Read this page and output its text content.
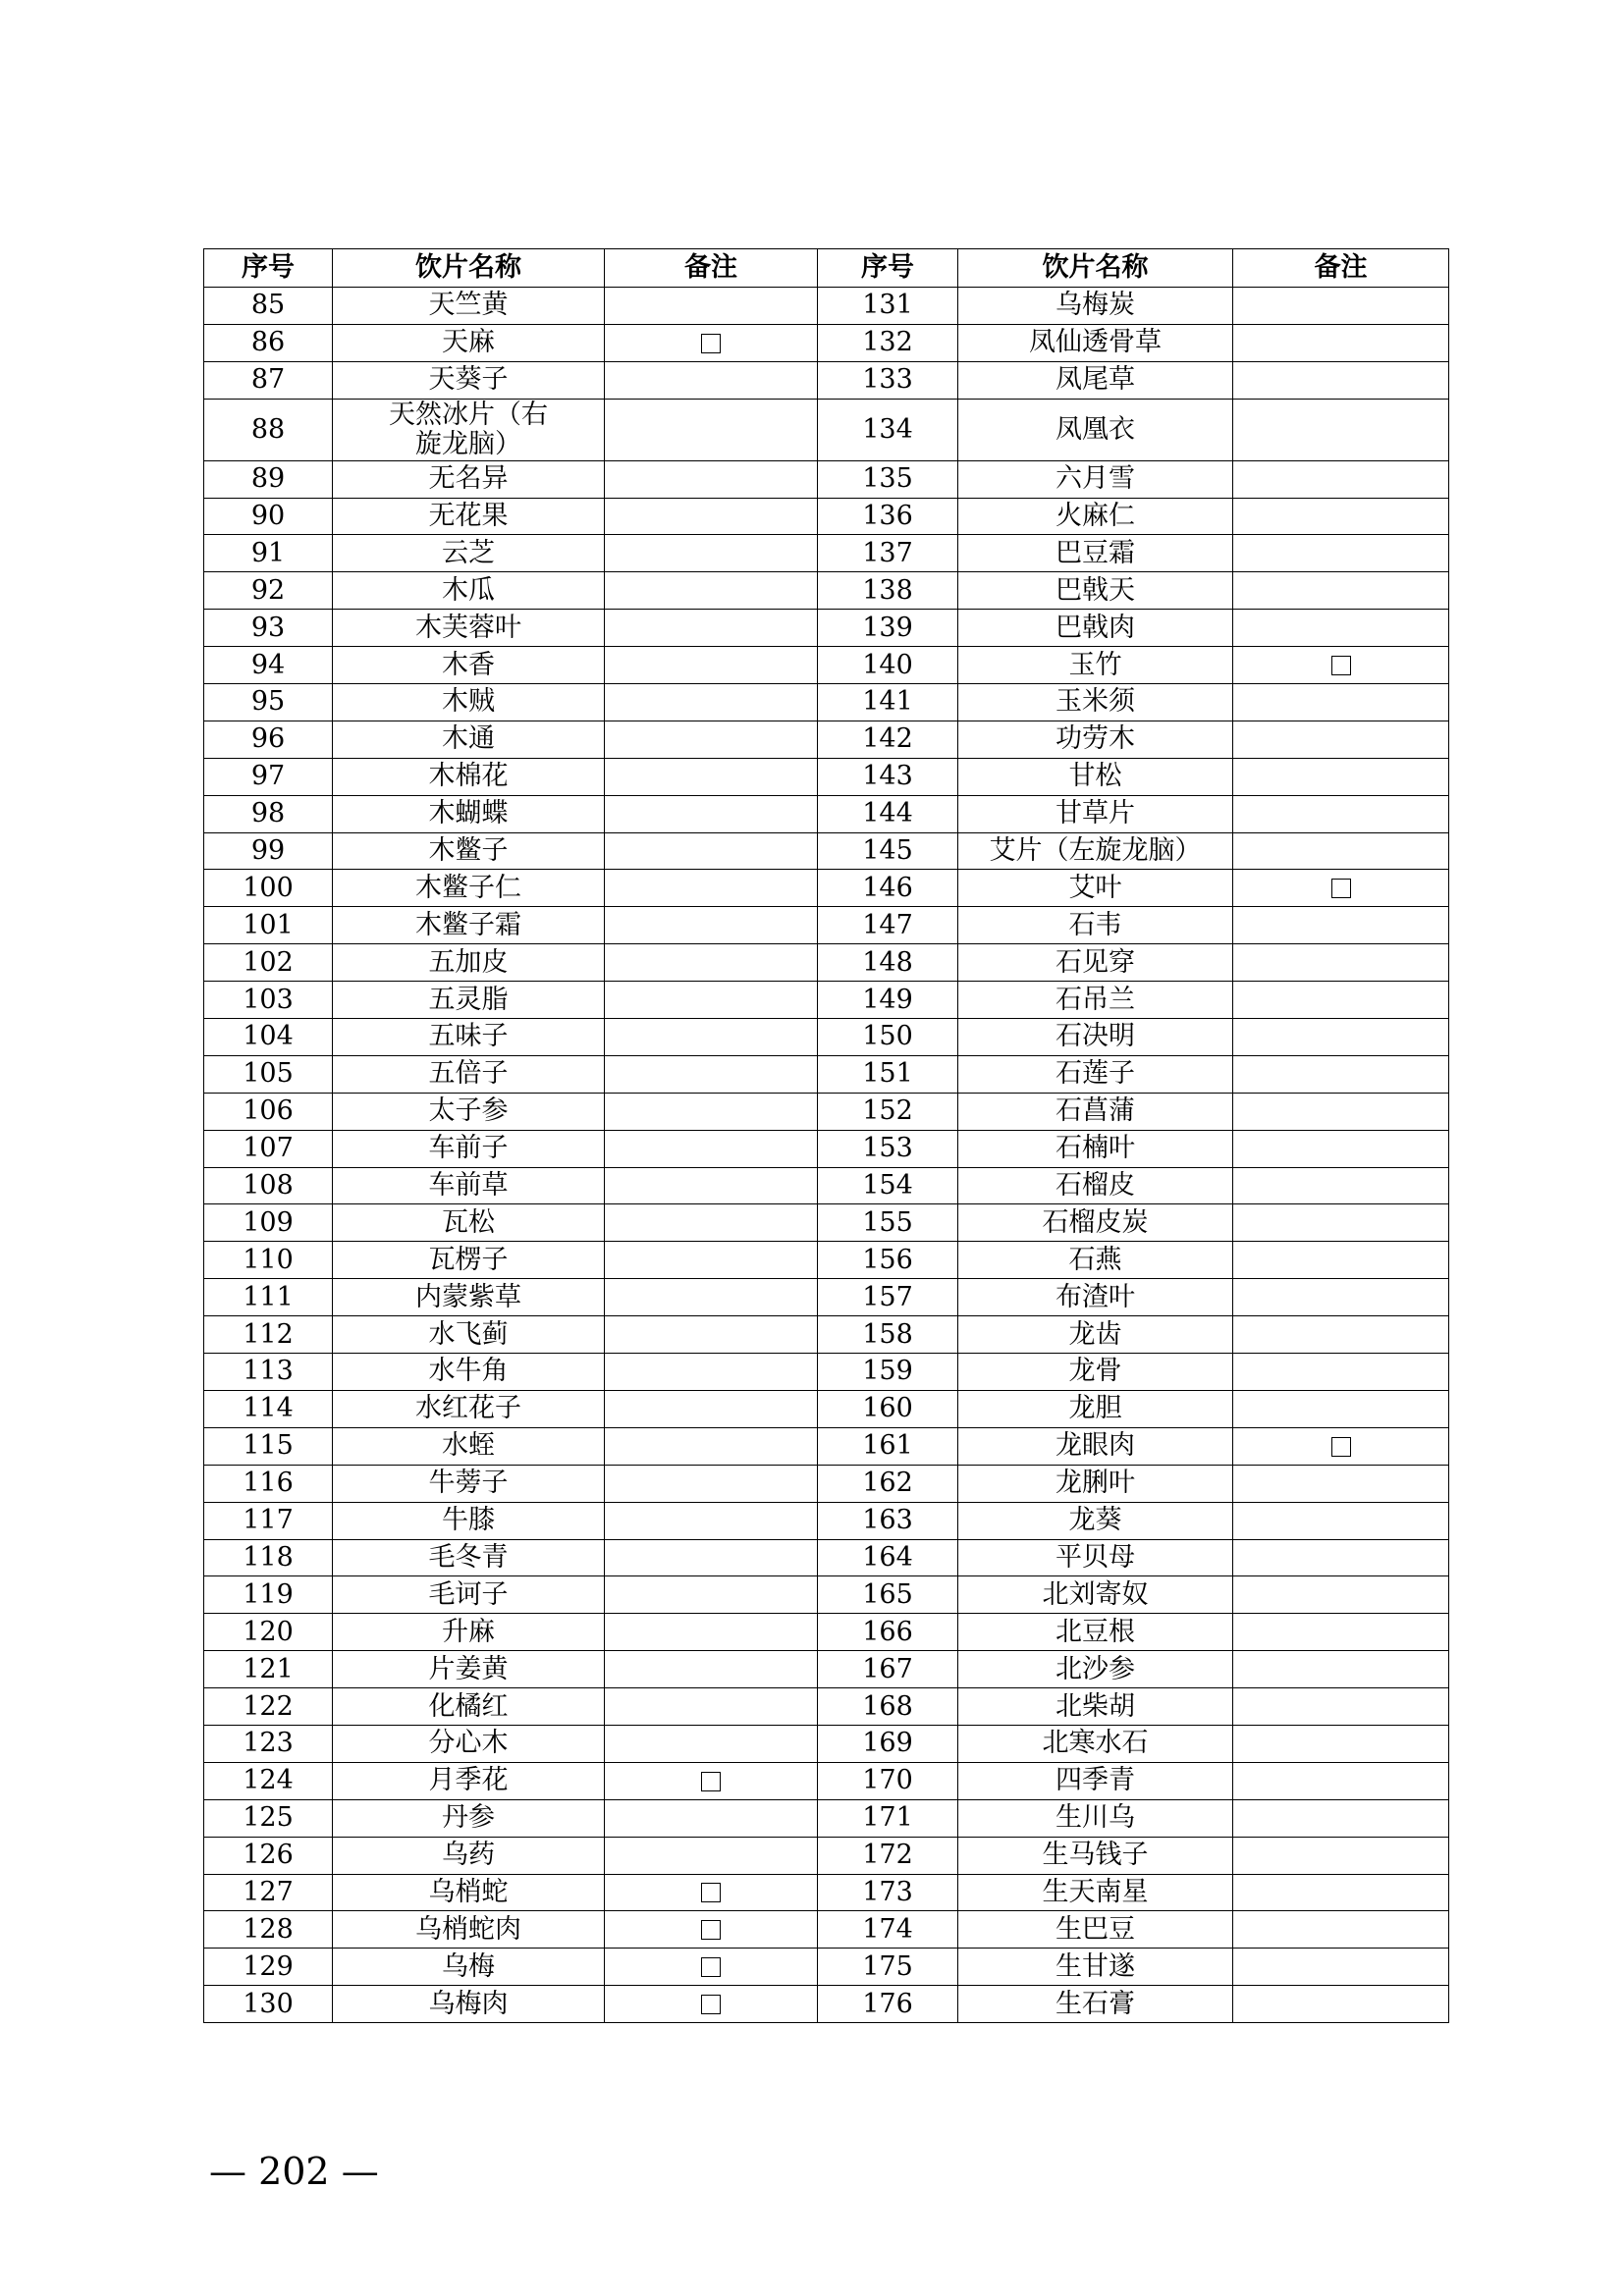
序号	饮片名称	备注	序号	饮片名称	备注
85	天竺黄		131	乌梅炭	
86	天麻		132	凤仙透骨草	
87	天葵子		133	凤尾草	
88	天然冰片（右旋龙脑）		134	凤凰衣	
89	无名异		135	六月雪	
90	无花果		136	火麻仁	
91	云芝		137	巴豆霜	
92	木瓜		138	巴戟天	
93	木芙蓉叶		139	巴戟肉	
94	木香		140	玉竹	
95	木贼		141	玉米须	
96	木通		142	功劳木	
97	木棉花		143	甘松	
98	木蝴蝶		144	甘草片	
99	木鳖子		145	艾片（左旋龙脑）	
100	木鳖子仁		146	艾叶	
101	木鳖子霜		147	石韦	
102	五加皮		148	石见穿	
103	五灵脂		149	石吊兰	
104	五味子		150	石决明	
105	五倍子		151	石莲子	
106	太子参		152	石菖蒲	
107	车前子		153	石楠叶	
108	车前草		154	石榴皮	
109	瓦松		155	石榴皮炭	
110	瓦楞子		156	石燕	
111	内蒙紫草		157	布渣叶	
112	水飞蓟		158	龙齿	
113	水牛角		159	龙骨	
114	水红花子		160	龙胆	
115	水蛭		161	龙眼肉	
116	牛蒡子		162	龙脷叶	
117	牛膝		163	龙葵	
118	毛冬青		164	平贝母	
119	毛诃子		165	北刘寄奴	
120	升麻		166	北豆根	
121	片姜黄		167	北沙参	
122	化橘红		168	北柴胡	
123	分心木		169	北寒水石	
124	月季花		170	四季青	
125	丹参		171	生川乌	
126	乌药		172	生马钱子	
127	乌梢蛇		173	生天南星	
128	乌梢蛇肉		174	生巴豆	
129	乌梅		175	生甘遂	
130	乌梅肉		176	生石膏	
— 202 —
